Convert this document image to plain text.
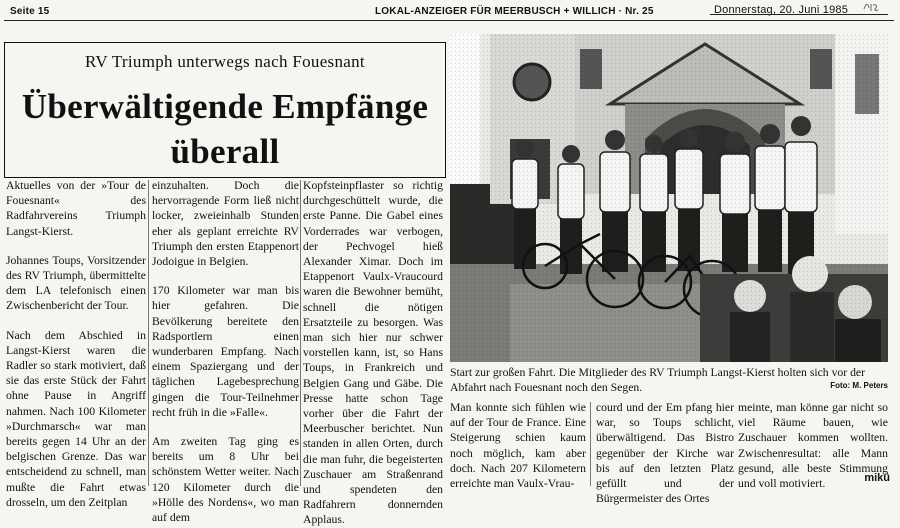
Seite 15	LOKAL-ANZEIGER FÜR MEERBUSCH + WILLICH · Nr. 25	Donnerstag, 20. Juni 1985
RV Triumph unterwegs nach Fouesnant
Überwältigende Empfänge
überall

Aktuelles von der »Tour de Fouesnant« des Radfahrvereins Triumph Langst-Kierst.

Johannes Toups, Vorsitzender des RV Triumph, übermittelte dem LA telefonisch einen Zwischenbericht der Tour.

Nach dem Abschied in Langst-Kierst waren die Radler so stark motiviert, daß sie das erste Stück der Fahrt ohne Pause in Angriff nahmen. Nach 100 Kilometer »Durchmarsch« war man bereits gegen 14 Uhr an der belgischen Grenze. Das war entscheidend zu schnell, man mußte die Fahrt etwas drosseln, um den Zeitplan

einzuhalten. Doch die hervorragende Form ließ nicht locker, zweieinhalb Stunden eher als geplant erreichte RV Triumph den ersten Etappenort Jodoigue in Belgien.

170 Kilometer war man bis hier gefahren. Die Bevölkerung bereitete den Radsportlern einen wunderbaren Empfang. Nach einem Spaziergang und der täglichen Lagebesprechung gingen die Tour-Teilnehmer recht früh in die »Falle«.

Am zweiten Tag ging es bereits um 8 Uhr bei schönstem Wetter weiter. Nach 120 Kilometer durch die »Hölle des Nordens«, wo man auf dem

Kopfsteinpflaster so richtig durchgeschüttelt wurde, die erste Panne. Die Gabel eines Vorderrades war verbogen, der Pechvogel hieß Alexander Ximar. Doch im Etappenort Vaulx-Vraucourd waren die Bewohner bemüht, schnell die nötigen Ersatzteile zu besorgen. Was man sich hier nur schwer vorstellen kann, ist, so Hans Toups, in Frankreich und Belgien Gang und Gäbe. Die Presse hatte schon Tage vorher über die Fahrt der Meerbuscher berichtet. Nun standen in allen Orten, durch die man fuhr, die begeisterten Zuschauer am Straßenrand und spendeten den Radfahrern donnernden Applaus.

Start zur großen Fahrt. Die Mitglieder des RV Triumph Langst-Kierst holten sich vor der Abfahrt nach Fouesnant noch den Segen.	Foto: M. Peters
Man konnte sich fühlen wie auf der Tour de France. Eine Steigerung schien kaum noch möglich, kam aber doch. Nach 207 Kilometern erreichte man Vaulx-Vrau-
courd und der Em pfang hier war, so Toups schlicht, überwältigend. Das Bistro gegenüber der Kirche war bis auf den letzten Platz gefüllt und der Bürgermeister des Ortes
meinte, man könne gar nicht so viel Räume bauen, wie Zuschauer kommen wollten. Zwischenresultat: alle Mann gesund, alle beste Stimmung und voll motiviert.	mikü
